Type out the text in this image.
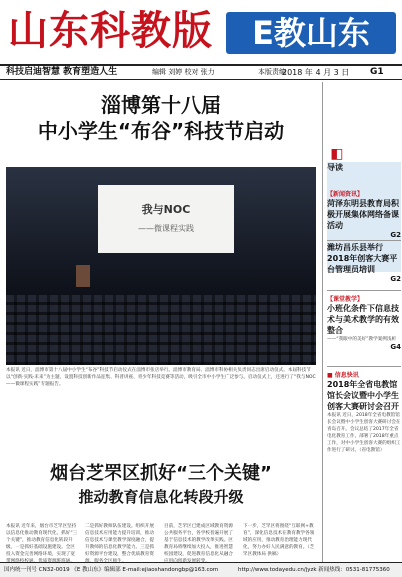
山东科教版	E教山东
科技启迪智慧 教育塑造人生	编辑 刘婷 校对 张力	本版责编
2018 年 4 月 3 日 G1
淄博第十八届
中小学生“布谷”科技节启动
我与NOC
——微课程实践

本报讯 近日，淄博市第十八届中小学生“布谷”科技节启动仪式在淄博市张店举行。淄博市教育局、淄博市科协相关负责同志出席启动仪式。本届科技节以“创新·实践·未来”为主题，设置科技创新作品征集、科普讲座、青少年科技竞赛等活动，吸引全市中小学生广泛参与。启动仪式上，还进行了“我与NOC——微课程实践”专题报告。

烟台芝罘区抓好“三个关键”
推动教育信息化转段升级

本报讯 近年来，烟台市芝罘区坚持以信息化推动教育现代化，抓好“三个关键”，推动教育信息化转段升级。一是抓好基础设施建设。全区投入资金完善网络环境，实现了宽

二是抓好教师队伍建设。组织开展信息技术应用能力提升培训，推动信息技术与课堂教学深度融合，提升教师的信息化教学能力。三是抓好资源平台建设，整合优质教育资

目前，芝罘区已建成区域教育资源公共服务平台，各学校普遍开展了基于信息技术的教学改革实践。区教育局将继续加大投入，推进智慧校园建设，促进教育信息化从融合

下一步，芝罘区将围绕“互联网+教育”，深化信息技术在教育教学各领域的应用，推动教育治理能力现代化，努力办好人民满意的教育。（芝罘区教体局 供稿）

◧
导读
【新闻资讯】
菏泽东明县教育局积极开展集体网络备课活动
G2
潍坊昌乐县举行2018年创客大赛平台管理员培训
G2
【课堂教学】
小班化条件下信息技术与美术教学的有效整合
——“我眼中的美好”教学案例浅析
G4
■ 信息快讯
2018年全省电教馆馆长会议暨中小学生创客大赛研讨会召开
本报讯 近日，2018年全省电教馆馆长会议暨中小学生创客大赛研讨会在青岛召开。会议总结了2017年全省电化教育工作，部署了2018年重点工作，对中小学生创客大赛的组织工作进行了研讨。（省电教馆）
国内统一刊号 CN32-0019 《E 教山东》编辑部 E-mail:ejiaoshandongbp@163.com	http://www.todayedu.cn/jyzk 新闻热线：0531-81775360
